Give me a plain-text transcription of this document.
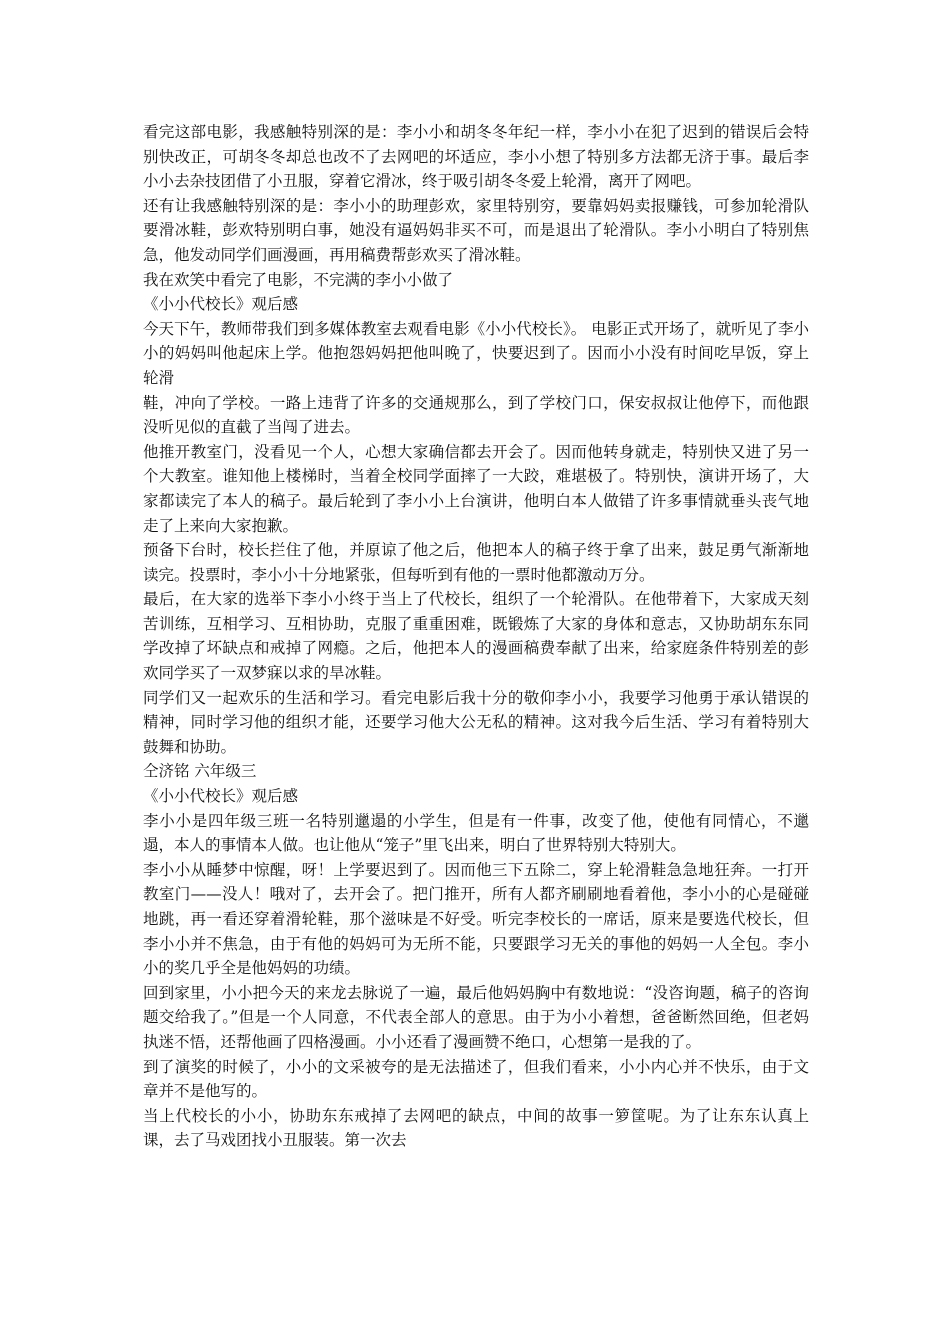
看完这部电影，我感触特别深的是：李小小和胡冬冬年纪一样，李小小在犯了迟到的错误后会特别快改正，可胡冬冬却总也改不了去网吧的坏适应，李小小想了特别多方法都无济于事。最后李小小去杂技团借了小丑服，穿着它滑冰，终于吸引胡冬冬爱上轮滑，离开了网吧。

还有让我感触特别深的是：李小小的助理彭欢，家里特别穷，要靠妈妈卖报赚钱，可参加轮滑队要滑冰鞋，彭欢特别明白事，她没有逼妈妈非买不可，而是退出了轮滑队。李小小明白了特别焦急，他发动同学们画漫画，再用稿费帮彭欢买了滑冰鞋。

我在欢笑中看完了电影，不完满的李小小做了

《小小代校长》观后感

今天下午，教师带我们到多媒体教室去观看电影《小小代校长》。 电影正式开场了，就听见了李小小的妈妈叫他起床上学。他抱怨妈妈把他叫晚了，快要迟到了。因而小小没有时间吃早饭，穿上轮滑

鞋，冲向了学校。一路上违背了许多的交通规那么，到了学校门口，保安叔叔让他停下，而他跟没听见似的直截了当闯了进去。

他推开教室门，没看见一个人，心想大家确信都去开会了。因而他转身就走，特别快又进了另一个大教室。谁知他上楼梯时，当着全校同学面摔了一大跤，难堪极了。特别快，演讲开场了，大家都读完了本人的稿子。最后轮到了李小小上台演讲，他明白本人做错了许多事情就垂头丧气地走了上来向大家抱歉。

预备下台时，校长拦住了他，并原谅了他之后，他把本人的稿子终于拿了出来，鼓足勇气渐渐地读完。投票时，李小小十分地紧张，但每听到有他的一票时他都激动万分。

最后，在大家的选举下李小小终于当上了代校长，组织了一个轮滑队。在他带着下，大家成天刻苦训练，互相学习、互相协助，克服了重重困难，既锻炼了大家的身体和意志，又协助胡东东同学改掉了坏缺点和戒掉了网瘾。之后，他把本人的漫画稿费奉献了出来，给家庭条件特别差的彭欢同学买了一双梦寐以求的旱冰鞋。

同学们又一起欢乐的生活和学习。看完电影后我十分的敬仰李小小，我要学习他勇于承认错误的精神，同时学习他的组织才能，还要学习他大公无私的精神。这对我今后生活、学习有着特别大鼓舞和协助。

仝济铭 六年级三

《小小代校长》观后感

李小小是四年级三班一名特别邋遢的小学生，但是有一件事，改变了他，使他有同情心，不邋遢，本人的事情本人做。也让他从“笼子”里飞出来，明白了世界特别大特别大。

李小小从睡梦中惊醒，呀！上学要迟到了。因而他三下五除二，穿上轮滑鞋急急地狂奔。一打开教室门——没人！哦对了，去开会了。把门推开，所有人都齐刷刷地看着他，李小小的心是碰碰地跳，再一看还穿着滑轮鞋，那个滋味是不好受。听完李校长的一席话，原来是要选代校长，但李小小并不焦急，由于有他的妈妈可为无所不能，只要跟学习无关的事他的妈妈一人全包。李小小的奖几乎全是他妈妈的功绩。

回到家里，小小把今天的来龙去脉说了一遍，最后他妈妈胸中有数地说：“没咨询题，稿子的咨询题交给我了。”但是一个人同意，不代表全部人的意思。由于为小小着想，爸爸断然回绝，但老妈执迷不悟，还帮他画了四格漫画。小小还看了漫画赞不绝口，心想第一是我的了。

到了演奖的时候了，小小的文采被夸的是无法描述了，但我们看来，小小内心并不快乐，由于文章并不是他写的。

当上代校长的小小，协助东东戒掉了去网吧的缺点，中间的故事一箩筐呢。为了让东东认真上课，去了马戏团找小丑服装。第一次去
